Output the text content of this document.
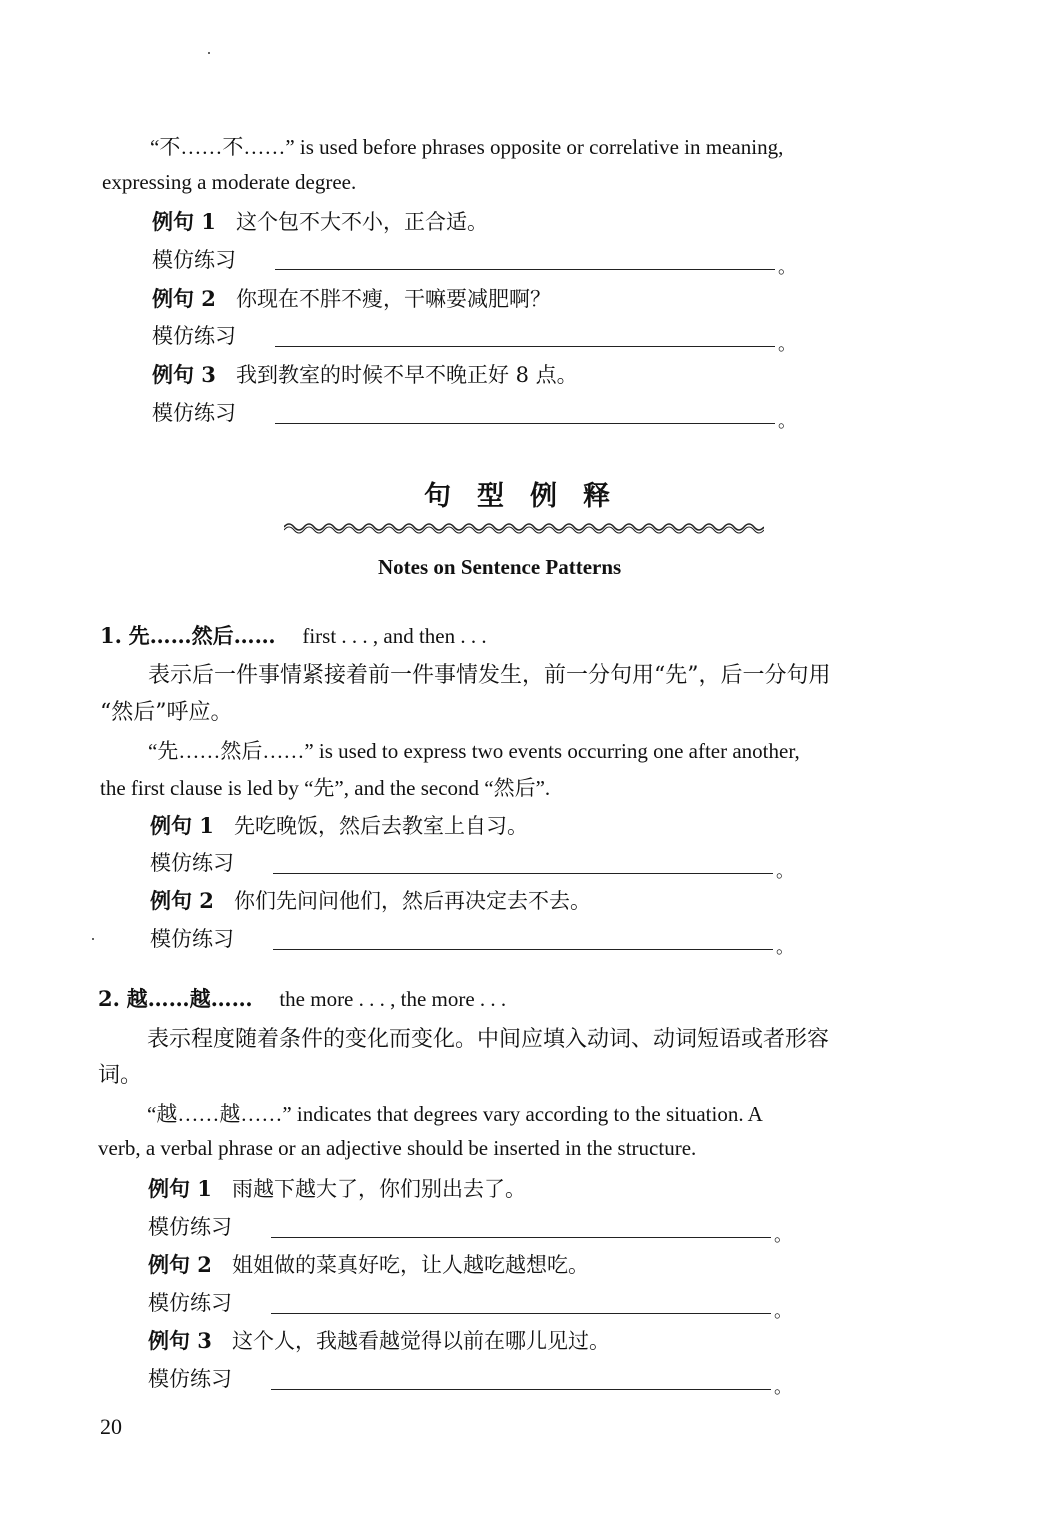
“不……不……” is used before phrases opposite or correlative in meaning,
expressing a moderate degree.
例句 1 这个包不大不小，正合适。
模仿练习	。
例句 2 你现在不胖不瘦，干嘛要减肥啊？
模仿练习	。
例句 3 我到教室的时候不早不晚正好 8 点。
模仿练习	。
句型例释
Notes on Sentence Patterns
1. 先……然后…… first . . . , and then . . .
表示后一件事情紧接着前一件事情发生，前一分句用“先”，后一分句用
“然后”呼应。
“先……然后……” is used to express two events occurring one after another,
the first clause is led by “先”, and the second “然后”.
例句 1 先吃晚饭，然后去教室上自习。
模仿练习	。
例句 2 你们先问问他们，然后再决定去不去。
模仿练习	。
2. 越……越…… the more . . . , the more . . .
表示程度随着条件的变化而变化。中间应填入动词、动词短语或者形容
词。
“越……越……” indicates that degrees vary according to the situation. A
verb, a verbal phrase or an adjective should be inserted in the structure.
例句 1 雨越下越大了，你们别出去了。
模仿练习	。
例句 2 姐姐做的菜真好吃，让人越吃越想吃。
模仿练习	。
例句 3 这个人，我越看越觉得以前在哪儿见过。
模仿练习	。
20
